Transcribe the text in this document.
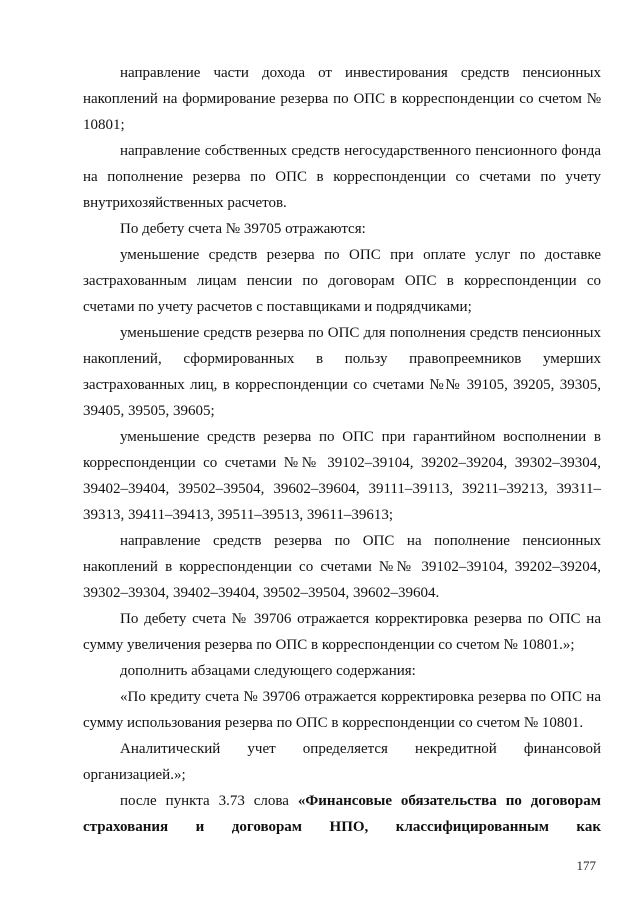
направление части дохода от инвестирования средств пенсионных накоплений на формирование резерва по ОПС в корреспонденции со счетом № 10801;

направление собственных средств негосударственного пенсионного фонда на пополнение резерва по ОПС в корреспонденции со счетами по учету внутрихозяйственных расчетов.

По дебету счета № 39705 отражаются:

уменьшение средств резерва по ОПС при оплате услуг по доставке застрахованным лицам пенсии по договорам ОПС в корреспонденции со счетами по учету расчетов с поставщиками и подрядчиками;

уменьшение средств резерва по ОПС для пополнения средств пенсионных накоплений, сформированных в пользу правопреемников умерших застрахованных лиц, в корреспонденции со счетами №№ 39105, 39205, 39305, 39405, 39505, 39605;

уменьшение средств резерва по ОПС при гарантийном восполнении в корреспонденции со счетами №№ 39102–39104, 39202–39204, 39302–39304, 39402–39404, 39502–39504, 39602–39604, 39111–39113, 39211–39213, 39311–39313, 39411–39413, 39511–39513, 39611–39613;

направление средств резерва по ОПС на пополнение пенсионных накоплений в корреспонденции со счетами №№ 39102–39104, 39202–39204, 39302–39304, 39402–39404, 39502–39504, 39602–39604.

По дебету счета № 39706 отражается корректировка резерва по ОПС на сумму увеличения резерва по ОПС в корреспонденции со счетом № 10801.»;

дополнить абзацами следующего содержания:

«По кредиту счета № 39706 отражается корректировка резерва по ОПС на сумму использования резерва по ОПС в корреспонденции со счетом № 10801.

Аналитический учет определяется некредитной финансовой организацией.»;

после пункта 3.73 слова «Финансовые обязательства по договорам страхования и договорам НПО, классифицированным как

177
